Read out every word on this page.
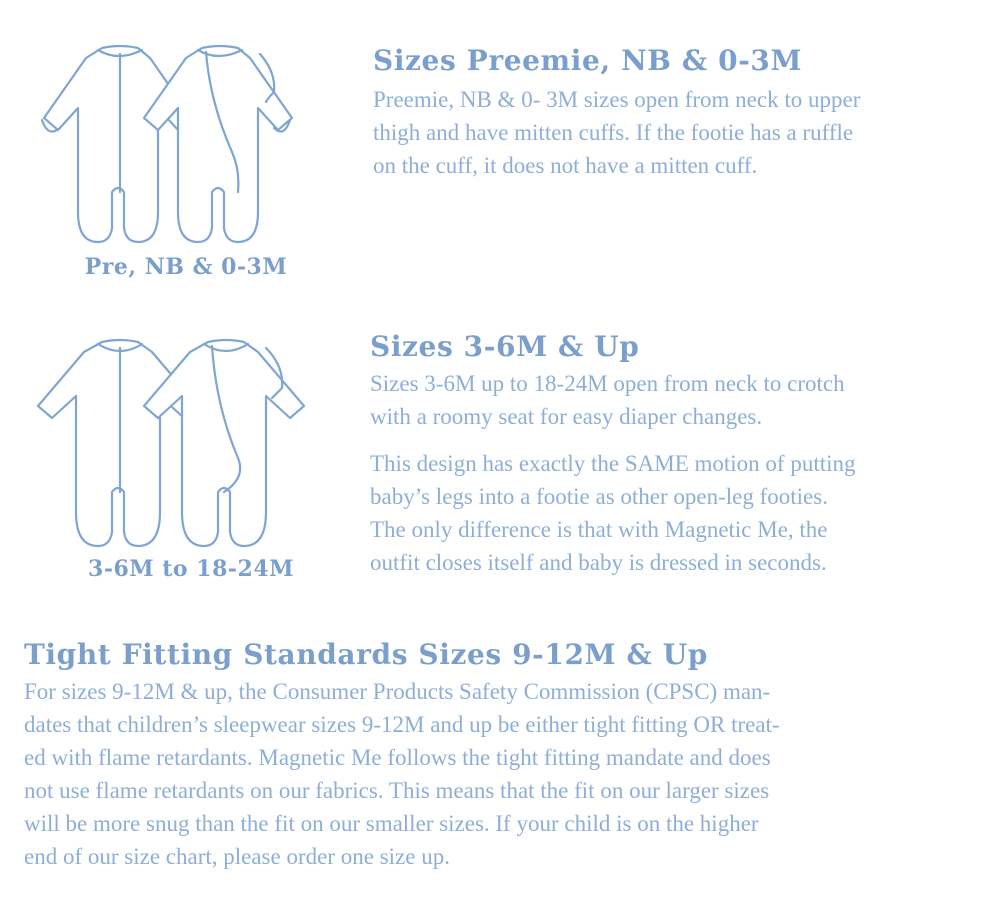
Pre, NB & 0-3M
Sizes Preemie, NB & 0-3M

Preemie, NB & 0- 3M sizes open from neck to upper

thigh and have mitten cuffs. If the footie has a ruffle

on the cuff, it does not have a mitten cuff.

3-6M to 18-24M
Sizes 3-6M & Up

Sizes 3-6M up to 18-24M open from neck to crotch

with a roomy seat for easy diaper changes.

This design has exactly the SAME motion of putting

baby’s legs into a footie as other open-leg footies.

The only difference is that with Magnetic Me, the

outfit closes itself and baby is dressed in seconds.

Tight Fitting Standards Sizes 9-12M & Up

For sizes 9-12M & up, the Consumer Products Safety Commission (CPSC) man-

dates that children’s sleepwear sizes 9-12M and up be either tight fitting OR treat-

ed with flame retardants. Magnetic Me follows the tight fitting mandate and does

not use flame retardants on our fabrics. This means that the fit on our larger sizes

will be more snug than the fit on our smaller sizes. If your child is on the higher

end of our size chart, please order one size up.
